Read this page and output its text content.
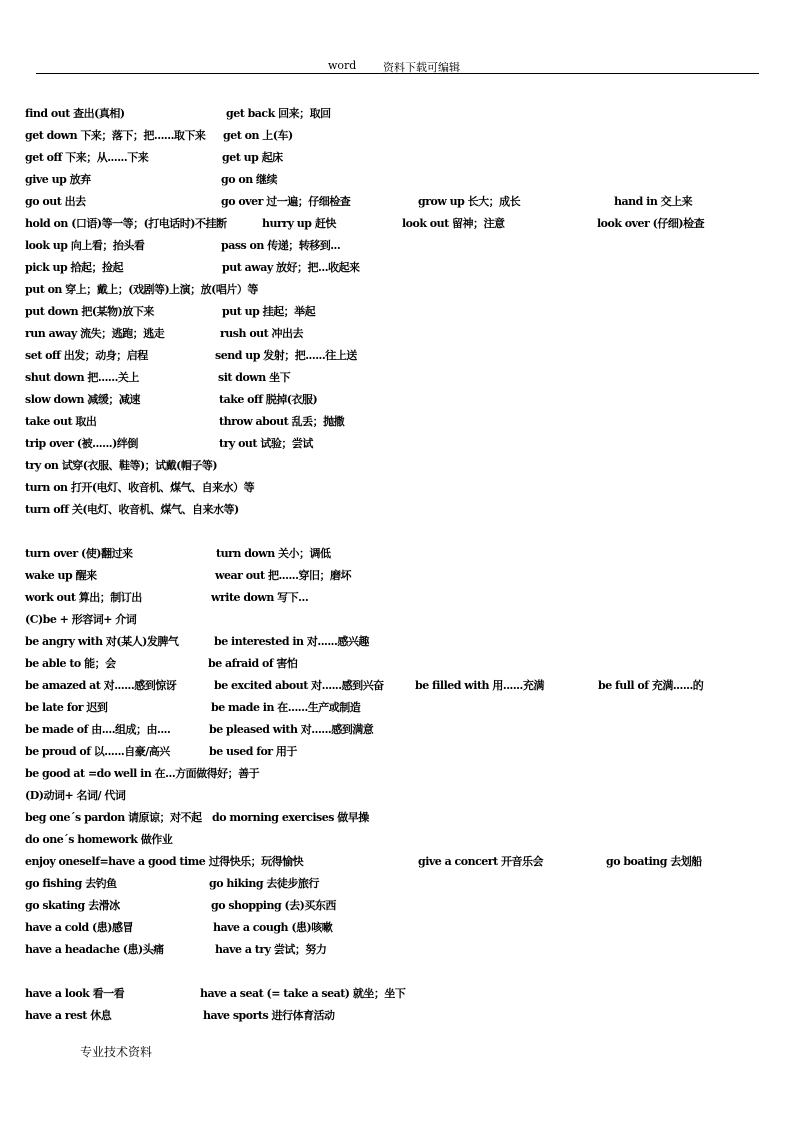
word 资料下载可编辑
find out 查出(真相)	get back 回来；取回
get down 下来；落下；把......取下来 get on 上(车)
get off 下来；从......下来	get up 起床
give up 放弃	go on 继续
go out 出去	go over 过一遍；仔细检查	grow up 长大；成长	hand in 交上来
hold on (口语)等一等；(打电话时)不挂断	hurry up 赶快	look out 留神；注意	look over (仔细)检查
look up 向上看；抬头看	pass on 传递；转移到...
pick up 拾起；捡起	put away 放好；把...收起来
put on 穿上；戴上；(戏剧等)上演；放(唱片）等
put down 把(某物)放下来	put up 挂起；举起
run away 流失；逃跑；逃走	rush out 冲出去
set off 出发；动身；启程	send up 发射；把......往上送
shut down 把......关上	sit down 坐下
slow down 减缓；减速	take off 脱掉(衣服)
take out 取出	throw about 乱丢；抛撒
trip over (被......)绊倒	try out 试验；尝试
try on 试穿(衣服、鞋等)；试戴(帽子等)
turn on 打开(电灯、收音机、煤气、自来水）等
turn off 关(电灯、收音机、煤气、自来水等)
turn over (使)翻过来	turn down 关小；调低
wake up 醒来	wear out 把......穿旧；磨坏
work out 算出；制订出	write down 写下...
(C)be + 形容词+ 介词
be angry with 对(某人)发脾气	be interested in 对......感兴趣
be able to 能；会	be afraid of 害怕
be amazed at 对......感到惊讶	be excited about 对......感到兴奋	be filled with 用......充满	be full of 充满......的
be late for 迟到	be made in 在......生产或制造
be made of 由....组成；由....	be pleased with 对......感到满意
be proud of 以......自豪/高兴	be used for 用于
be good at =do well in 在...方面做得好；善于
(D)动词+ 名词/ 代词
beg one΄s pardon 请原谅；对不起 do morning exercises 做早操
do one΄s homework 做作业
enjoy oneself=have a good time 过得快乐；玩得愉快	give a concert 开音乐会	go boating 去划船
go fishing 去钓鱼	go hiking 去徒步旅行
go skating 去滑冰	go shopping (去)买东西
have a cold (患)感冒	have a cough (患)咳嗽
have a headache (患)头痛	have a try 尝试；努力
have a look 看一看	have a seat (= take a seat) 就坐；坐下
have a rest 休息	have sports 进行体育活动
专业技术资料
